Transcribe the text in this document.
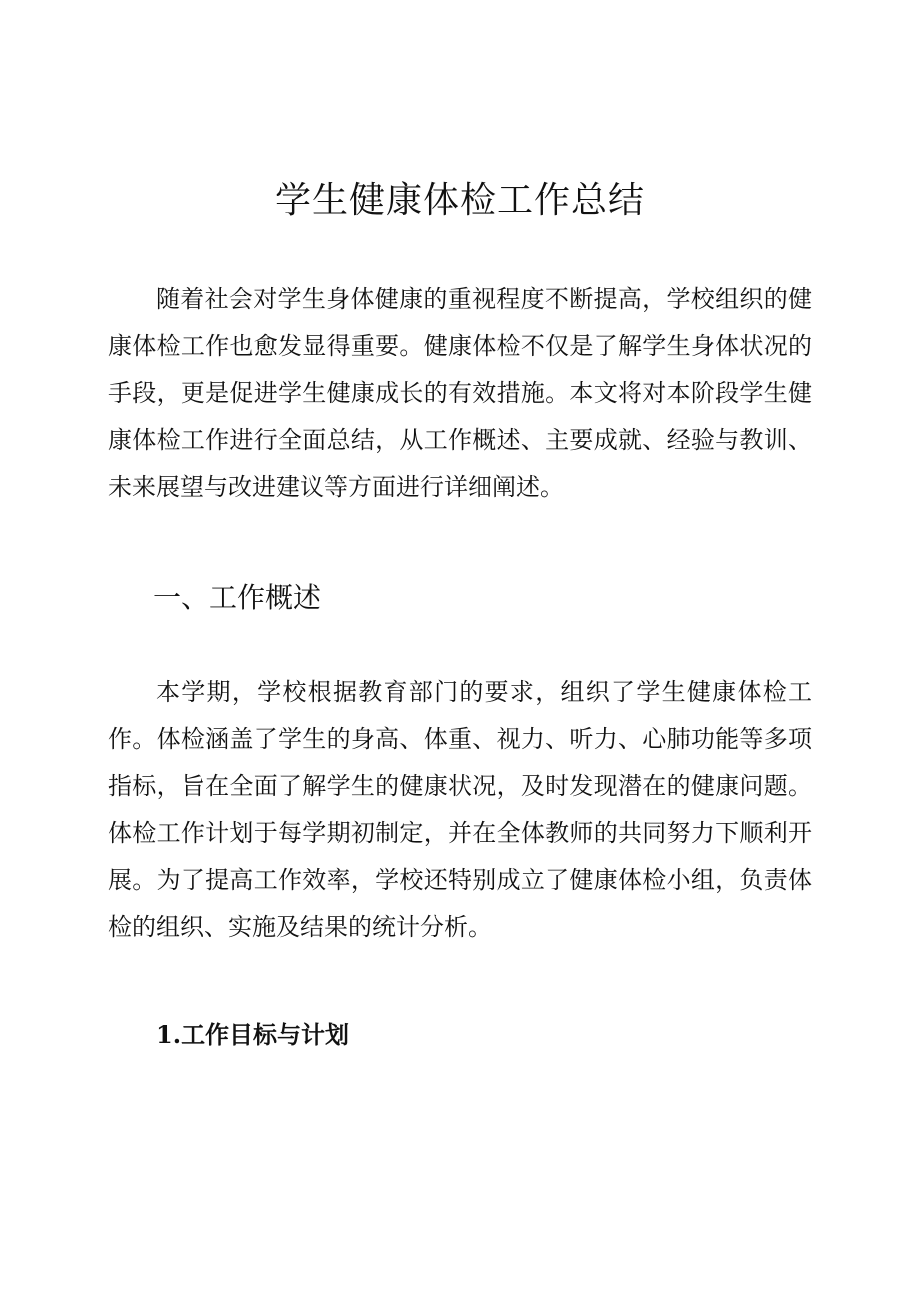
学生健康体检工作总结

随着社会对学生身体健康的重视程度不断提高，学校组织的健康体检工作也愈发显得重要。健康体检不仅是了解学生身体状况的手段，更是促进学生健康成长的有效措施。本文将对本阶段学生健康体检工作进行全面总结，从工作概述、主要成就、经验与教训、未来展望与改进建议等方面进行详细阐述。

一、工作概述

本学期，学校根据教育部门的要求，组织了学生健康体检工作。体检涵盖了学生的身高、体重、视力、听力、心肺功能等多项指标，旨在全面了解学生的健康状况，及时发现潜在的健康问题。体检工作计划于每学期初制定，并在全体教师的共同努力下顺利开展。为了提高工作效率，学校还特别成立了健康体检小组，负责体检的组织、实施及结果的统计分析。

1.工作目标与计划
